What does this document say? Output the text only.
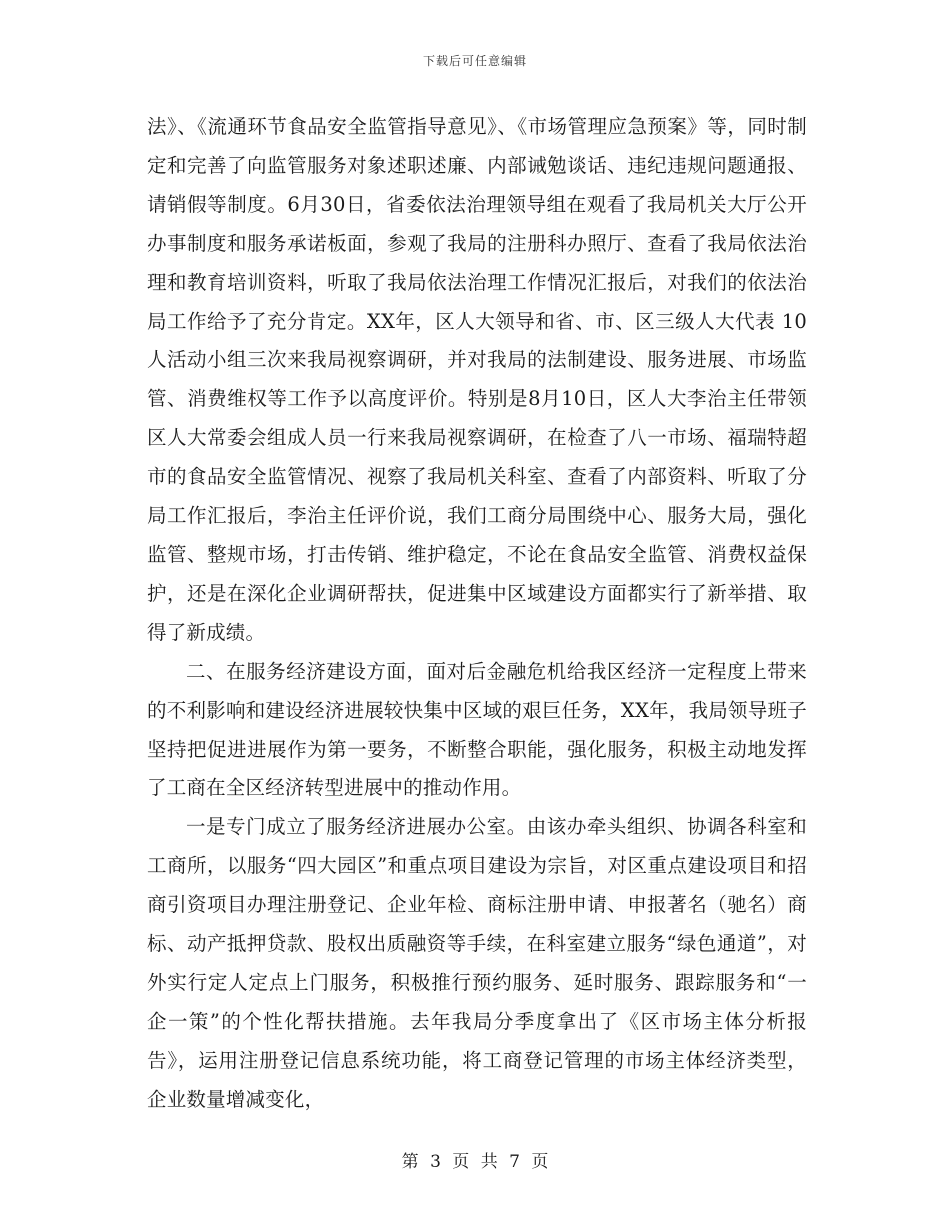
下载后可任意编辑

法》、《流通环节食品安全监管指导意见》、《市场管理应急预案》等，同时制定和完善了向监管服务对象述职述廉、内部诫勉谈话、违纪违规问题通报、请销假等制度。6月30日，省委依法治理领导组在观看了我局机关大厅公开办事制度和服务承诺板面，参观了我局的注册科办照厅、查看了我局依法治理和教育培训资料，听取了我局依法治理工作情况汇报后，对我们的依法治局工作给予了充分肯定。XX年，区人大领导和省、市、区三级人大代表 10人活动小组三次来我局视察调研，并对我局的法制建设、服务进展、市场监管、消费维权等工作予以高度评价。特别是8月10日，区人大李治主任带领区人大常委会组成人员一行来我局视察调研，在检查了八一市场、福瑞特超市的食品安全监管情况、视察了我局机关科室、查看了内部资料、听取了分局工作汇报后，李治主任评价说，我们工商分局围绕中心、服务大局，强化监管、整规市场，打击传销、维护稳定，不论在食品安全监管、消费权益保护，还是在深化企业调研帮扶，促进集中区域建设方面都实行了新举措、取得了新成绩。

二、在服务经济建设方面，面对后金融危机给我区经济一定程度上带来的不利影响和建设经济进展较快集中区域的艰巨任务，XX年，我局领导班子坚持把促进进展作为第一要务，不断整合职能，强化服务，积极主动地发挥了工商在全区经济转型进展中的推动作用。

一是专门成立了服务经济进展办公室。由该办牵头组织、协调各科室和工商所，以服务“四大园区”和重点项目建设为宗旨，对区重点建设项目和招商引资项目办理注册登记、企业年检、商标注册申请、申报著名（驰名）商标、动产抵押贷款、股权出质融资等手续，在科室建立服务“绿色通道”，对外实行定人定点上门服务，积极推行预约服务、延时服务、跟踪服务和“一企一策”的个性化帮扶措施。去年我局分季度拿出了《区市场主体分析报告》，运用注册登记信息系统功能，将工商登记管理的市场主体经济类型，企业数量增减变化，

第 3 页 共 7 页
